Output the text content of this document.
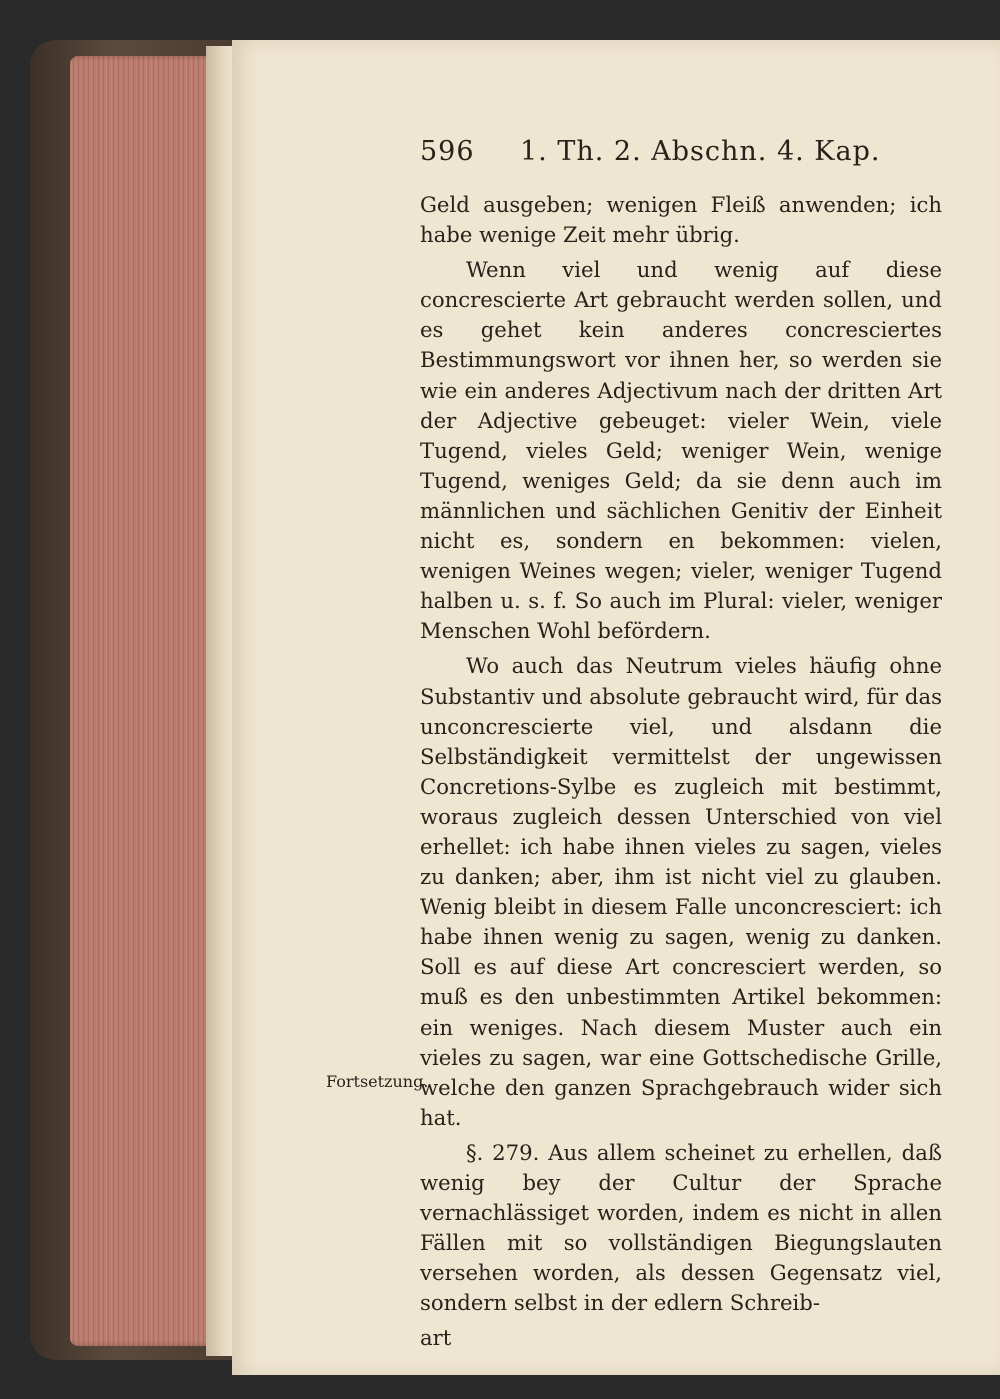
596 1. Th. 2. Abschn. 4. Kap.
Fortsetzung.

Geld ausgeben; wenigen Fleiß anwenden; ich habe wenige Zeit mehr übrig.

Wenn viel und wenig auf diese concrescierte Art gebraucht werden sollen, und es gehet kein anderes concresciertes Bestimmungswort vor ihnen her, so werden sie wie ein anderes Adjectivum nach der dritten Art der Adjective gebeuget: vieler Wein, viele Tugend, vieles Geld; weniger Wein, wenige Tugend, weniges Geld; da sie denn auch im männlichen und sächlichen Genitiv der Einheit nicht es, sondern en bekommen: vielen, wenigen Weines wegen; vieler, weniger Tugend halben u. s. f. So auch im Plural: vieler, weniger Menschen Wohl befördern.

Wo auch das Neutrum vieles häufig ohne Substantiv und absolute gebraucht wird, für das unconcrescierte viel, und alsdann die Selbständigkeit vermittelst der ungewissen Concretions-Sylbe es zugleich mit bestimmt, woraus zugleich dessen Unterschied von viel erhellet: ich habe ihnen vieles zu sagen, vieles zu danken; aber, ihm ist nicht viel zu glauben. Wenig bleibt in diesem Falle unconcresciert: ich habe ihnen wenig zu sagen, wenig zu danken. Soll es auf diese Art concresciert werden, so muß es den unbestimmten Artikel bekommen: ein weniges. Nach diesem Muster auch ein vieles zu sagen, war eine Gottschedische Grille, welche den ganzen Sprachgebrauch wider sich hat.

§. 279. Aus allem scheinet zu erhellen, daß wenig bey der Cultur der Sprache vernachlässiget worden, indem es nicht in allen Fällen mit so vollständigen Biegungslauten versehen worden, als dessen Gegensatz viel, sondern selbst in der edlern Schreib-

art
